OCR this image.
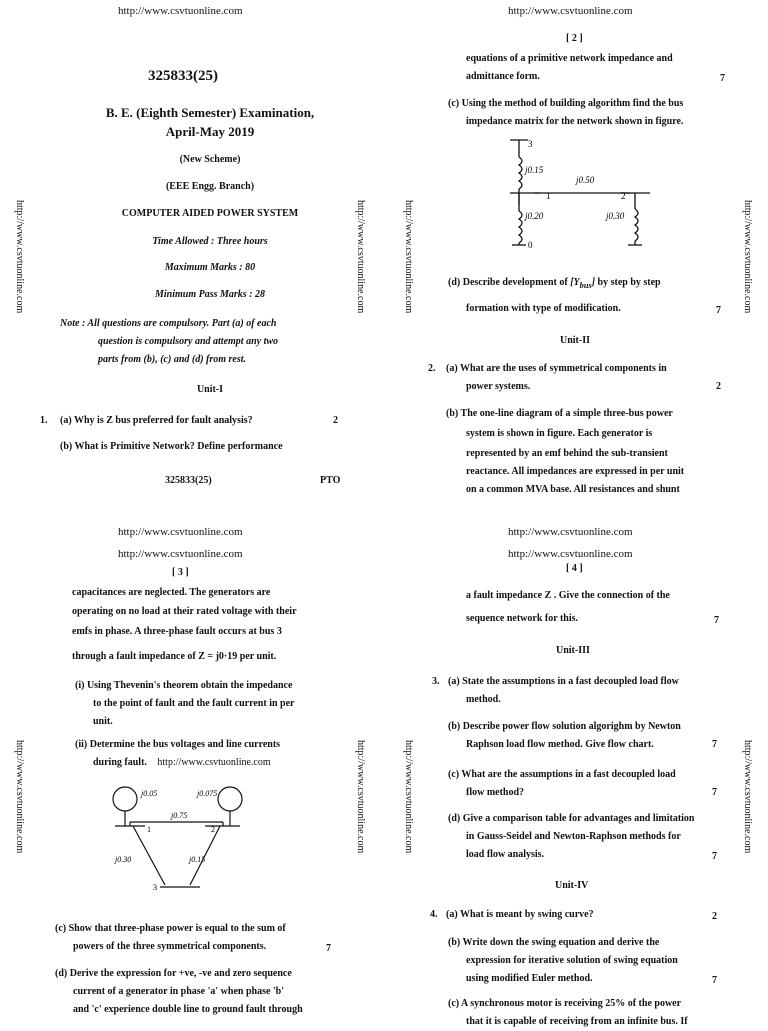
http://www.csvtuonline.com
325833(25)
B. E. (Eighth Semester) Examination,
April-May 2019
(New Scheme)
(EEE Engg. Branch)
COMPUTER AIDED POWER SYSTEM
Time Allowed : Three hours
Maximum Marks : 80
Minimum Pass Marks : 28
Note : All questions are compulsory. Part (a) of each
question is compulsory and attempt any two
parts from (b), (c) and (d) from rest.
Unit-I
1. (a) Why is Z bus preferred for fault analysis?	2
(b) What is Primitive Network? Define performance
325833(25)	PTO
http://www.csvtuonline.com	http://www.csvtuonline.com	http://www.csvtuonline.com	http://www.csvtuonline.com
http://www.csvtuonline.com	http://www.csvtuonline.com	http://www.csvtuonline.com	http://www.csvtuonline.com
http://www.csvtuonline.com
[ 2 ]
equations of a primitive network impedance and
admittance form.	7
(c) Using the method of building algorithm find the bus
impedance matrix for the network shown in figure.
3
j0.15
j0.50
1	2
j0.20	j0.30
0
(d) Describe development of $[Y_{bus}]$ by step by step
formation with type of modification.	7
Unit-II
2. (a) What are the uses of symmetrical components in
power systems.	2
(b) The one-line diagram of a simple three-bus power
system is shown in figure. Each generator is
represented by an emf behind the sub-transient
reactance. All impedances are expressed in per unit
on a common MVA base. All resistances and shunt
http://www.csvtuonline.com
http://www.csvtuonline.com
[ 3 ]
capacitances are neglected. The generators are
operating on no load at their rated voltage with their
emfs in phase. A three-phase fault occurs at bus 3
through a fault impedance of Z = j0·19 per unit.
(i) Using Thevenin's theorem obtain the impedance
to the point of fault and the fault current in per
unit.
(ii) Determine the bus voltages and line currents
during fault. http://www.csvtuonline.com
j0.05	j0.075
j0.75
1	2
j0.30	j0.15
3
(c) Show that three-phase power is equal to the sum of
powers of the three symmetrical components.	7
(d) Derive the expression for +ve, -ve and zero sequence
current of a generator in phase 'a' when phase 'b'
and 'c' experience double line to ground fault through
http://www.csvtuonline.com
http://www.csvtuonline.com
[ 4 ]
a fault impedance Z . Give the connection of the
sequence network for this.	7
Unit-III
3. (a) State the assumptions in a fast decoupled load flow
method.
(b) Describe power flow solution algorighm by Newton
Raphson load flow method. Give flow chart.	7
(c) What are the assumptions in a fast decoupled load
flow method?	7
(d) Give a comparison table for advantages and limitation
in Gauss-Seidel and Newton-Raphson methods for
load flow analysis.	7
Unit-IV
4. (a) What is meant by swing curve?	2
(b) Write down the swing equation and derive the
expression for iterative solution of swing equation
using modified Euler method.	7
(c) A synchronous motor is receiving 25% of the power
that it is capable of receiving from an infinite bus. If
